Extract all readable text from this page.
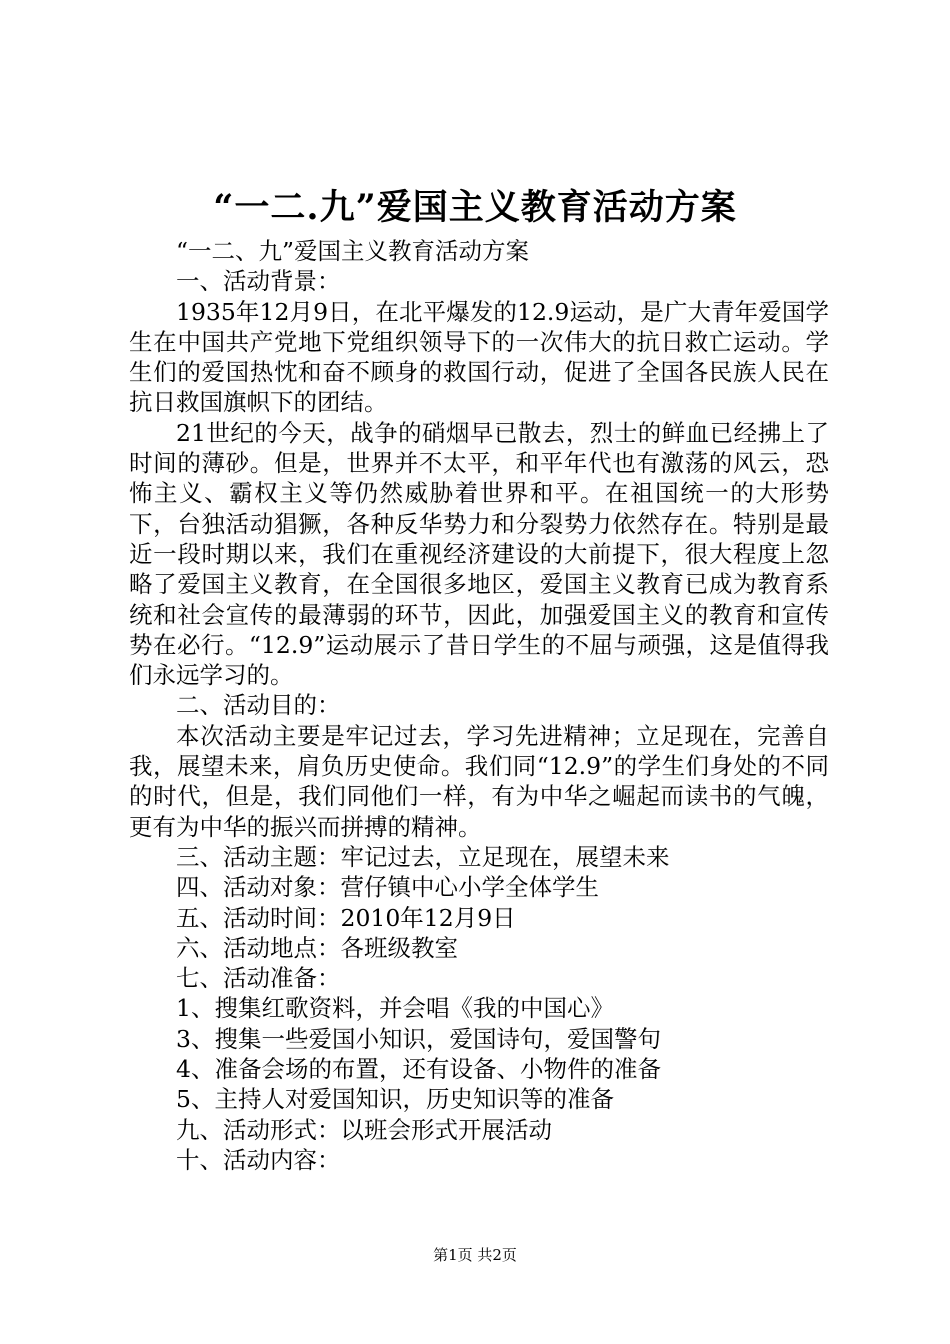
“一二.九”爱国主义教育活动方案

“一二、九”爱国主义教育活动方案

一、活动背景：

1935年12月9日，在北平爆发的12.9运动，是广大青年爱国学生在中国共产党地下党组织领导下的一次伟大的抗日救亡运动。学生们的爱国热忱和奋不顾身的救国行动，促进了全国各民族人民在抗日救国旗帜下的团结。

21世纪的今天，战争的硝烟早已散去，烈士的鲜血已经拂上了时间的薄砂。但是，世界并不太平，和平年代也有激荡的风云，恐怖主义、霸权主义等仍然威胁着世界和平。在祖国统一的大形势下，台独活动猖獗，各种反华势力和分裂势力依然存在。特别是最近一段时期以来，我们在重视经济建设的大前提下，很大程度上忽略了爱国主义教育，在全国很多地区，爱国主义教育已成为教育系统和社会宣传的最薄弱的环节，因此，加强爱国主义的教育和宣传势在必行。“12.9”运动展示了昔日学生的不屈与顽强，这是值得我们永远学习的。

二、活动目的：

本次活动主要是牢记过去，学习先进精神；立足现在，完善自我，展望未来，肩负历史使命。我们同“12.9”的学生们身处的不同的时代，但是，我们同他们一样，有为中华之崛起而读书的气魄，更有为中华的振兴而拼搏的精神。

三、活动主题：牢记过去，立足现在，展望未来

四、活动对象：营仔镇中心小学全体学生

五、活动时间：2010年12月9日

六、活动地点：各班级教室

七、活动准备：

1、搜集红歌资料，并会唱《我的中国心》

3、搜集一些爱国小知识，爱国诗句，爱国警句

4、准备会场的布置，还有设备、小物件的准备

5、主持人对爱国知识，历史知识等的准备

九、活动形式：以班会形式开展活动

十、活动内容：

第1页 共2页
